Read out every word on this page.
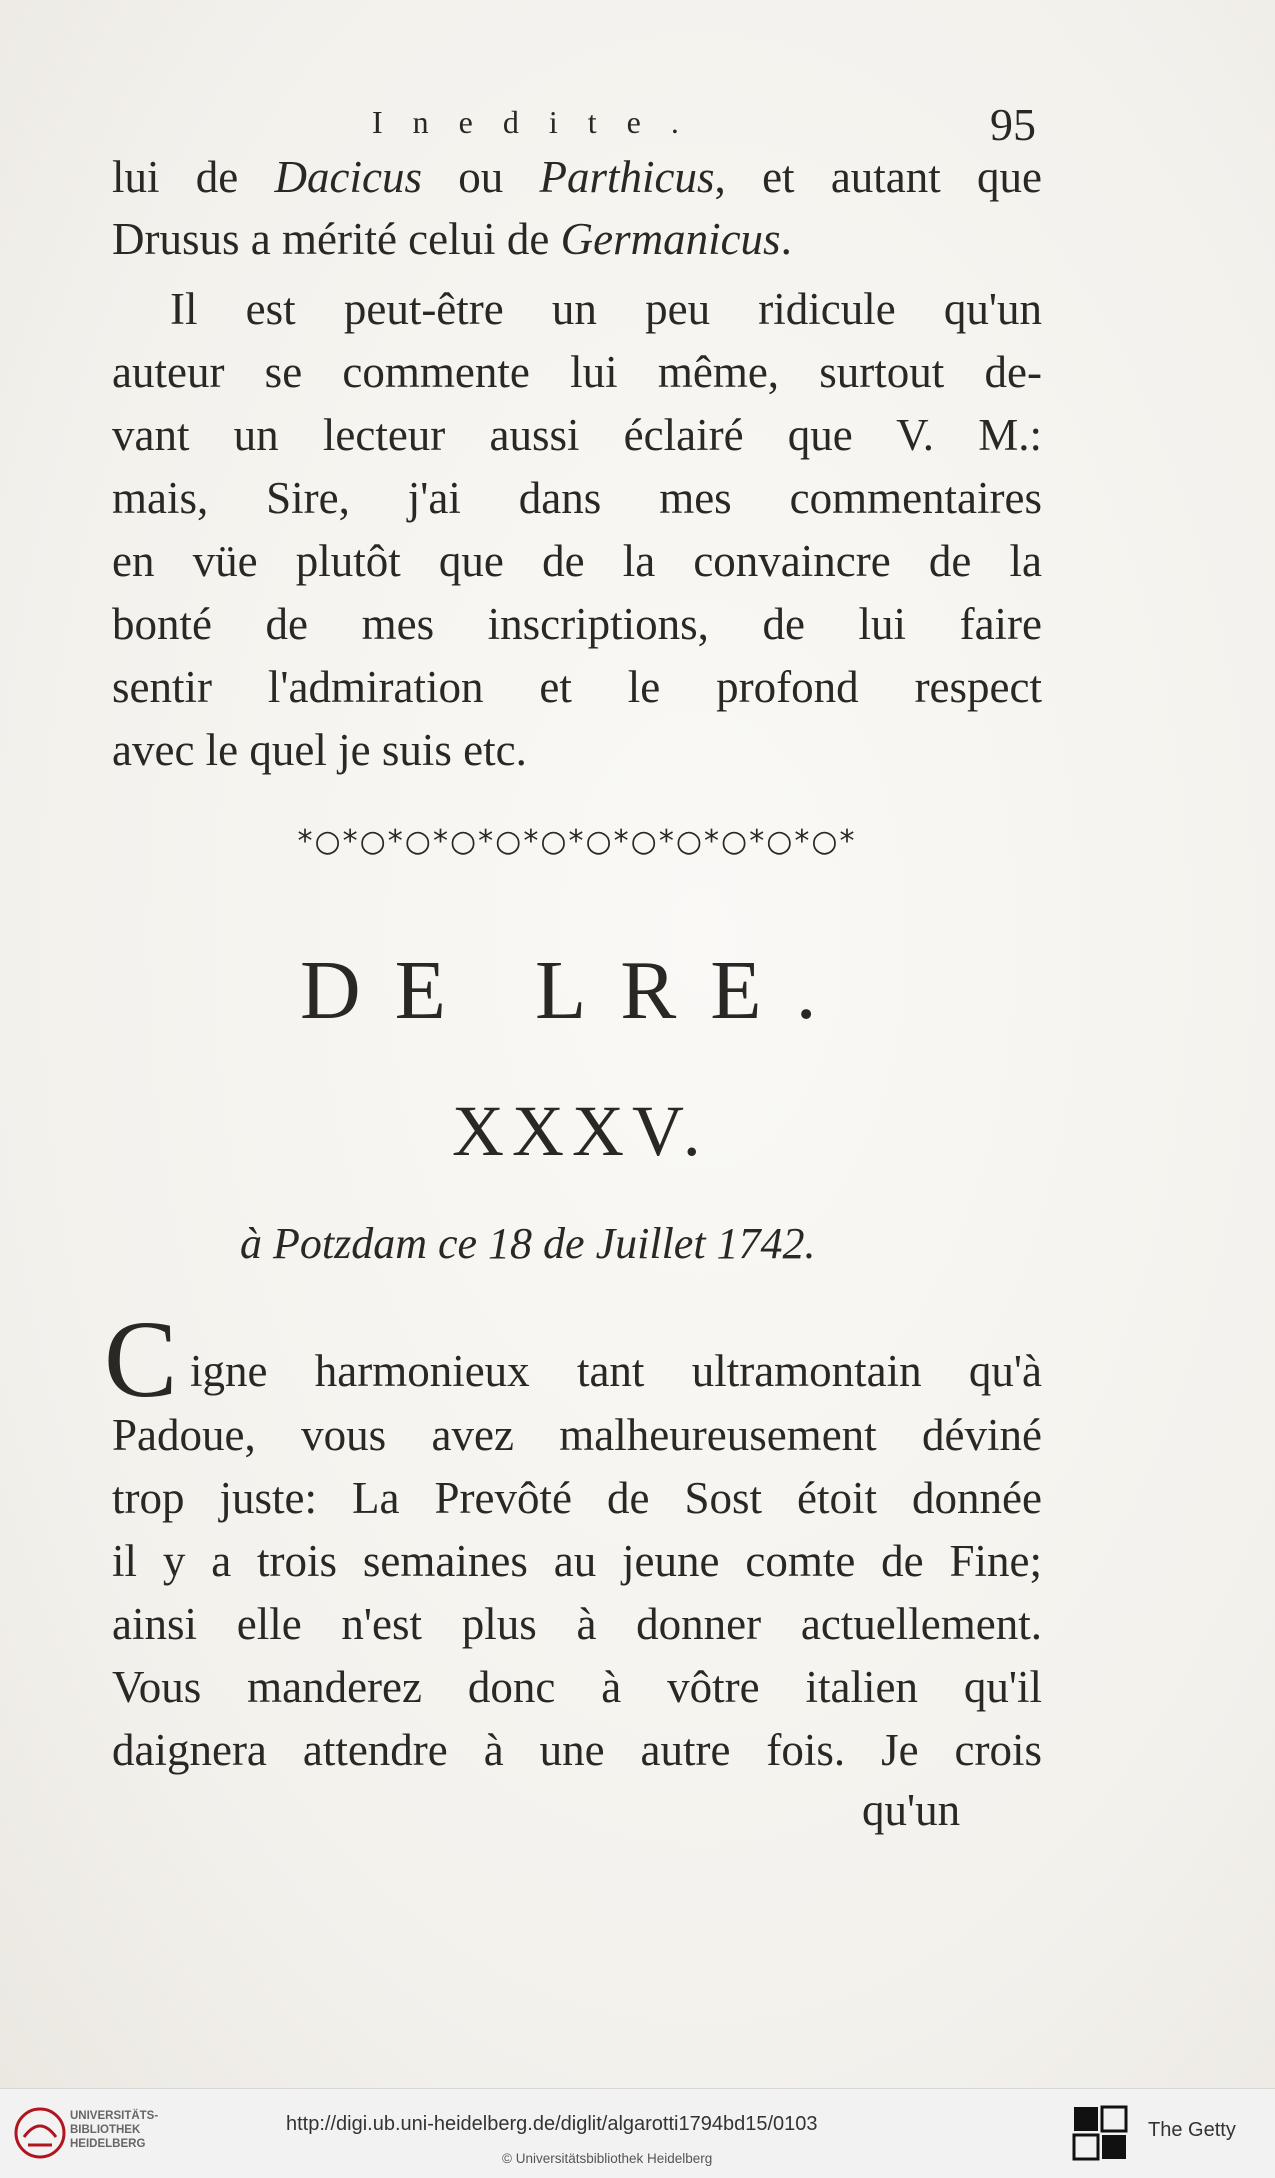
Inedite.	95
lui de Dacicus ou Parthicus, et autant que
Drusus a mérité celui de Germanicus.
Il est peut-être un peu ridicule qu'un
auteur se commente lui même, surtout de-
vant un lecteur aussi éclairé que V. M.:
mais, Sire, j'ai dans mes commentaires
en vüe plutôt que de la convaincre de la
bonté de mes inscriptions, de lui faire
sentir l'admiration et le profond respect
avec le quel je suis etc.
*○*○*○*○*○*○*○*○*○*○*○*○*
DE LRE.
XXXV.
à Potzdam ce 18 de Juillet 1742.
C igne harmonieux tant ultramontain qu'à
Padoue, vous avez malheureusement déviné
trop juste: La Prevôté de Sost étoit donnée
il y a trois semaines au jeune comte de Fine;
ainsi elle n'est plus à donner actuellement.
Vous manderez donc à vôtre italien qu'il
daignera attendre à une autre fois. Je crois
qu'un
UNIVERSITÄTS-
BIBLIOTHEK
HEIDELBERG
http://digi.ub.uni-heidelberg.de/diglit/algarotti1794bd15/0103
© Universitätsbibliothek Heidelberg
The Getty
